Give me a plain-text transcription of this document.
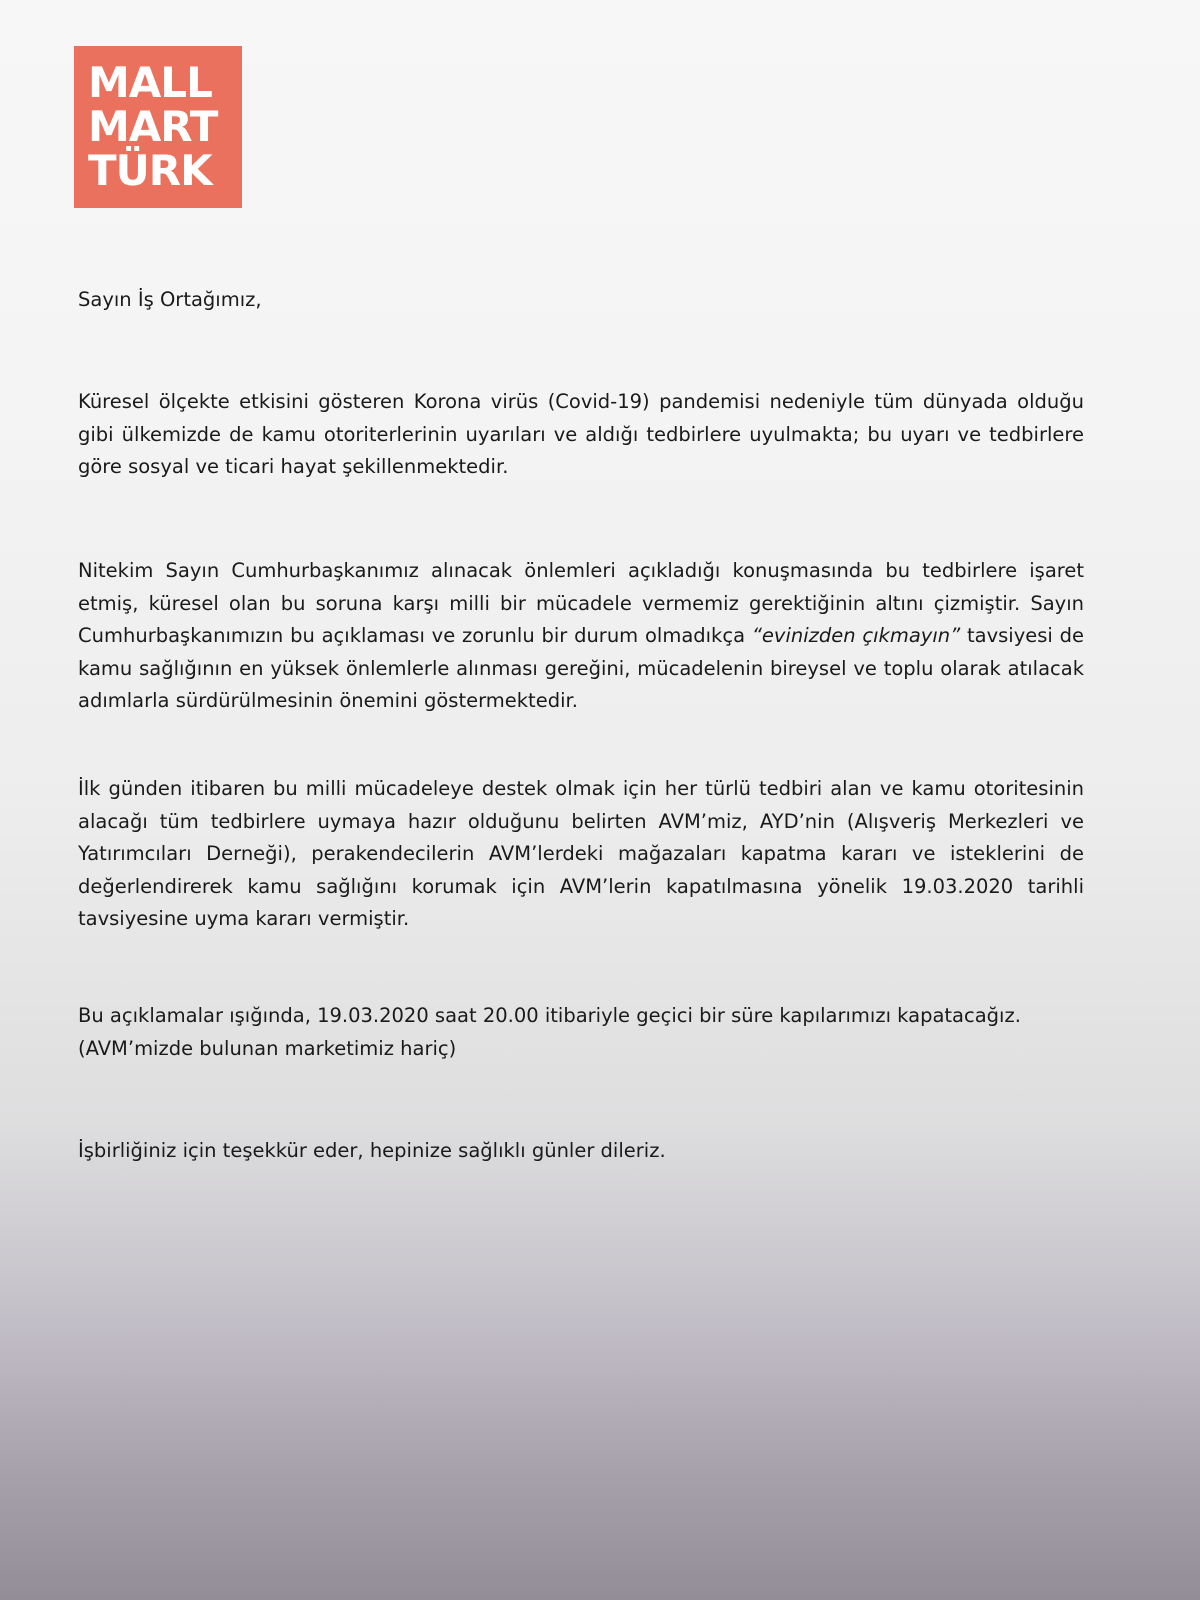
MALL
MART
TÜRK

Sayın İş Ortağımız,

Küresel ölçekte etkisini gösteren Korona virüs (Covid-19) pandemisi nedeniyle tüm dünyada olduğu gibi ülkemizde de kamu otoriterlerinin uyarıları ve aldığı tedbirlere uyulmakta; bu uyarı ve tedbirlere göre sosyal ve ticari hayat şekillenmektedir.

Nitekim Sayın Cumhurbaşkanımız alınacak önlemleri açıkladığı konuşmasında bu tedbirlere işaret etmiş, küresel olan bu soruna karşı milli bir mücadele vermemiz gerektiğinin altını çizmiştir. Sayın Cumhurbaşkanımızın bu açıklaması ve zorunlu bir durum olmadıkça “evinizden çıkmayın” tavsiyesi de kamu sağlığının en yüksek önlemlerle alınması gereğini, mücadelenin bireysel ve toplu olarak atılacak adımlarla sürdürülmesinin önemini göstermektedir.

İlk günden itibaren bu milli mücadeleye destek olmak için her türlü tedbiri alan ve kamu otoritesinin alacağı tüm tedbirlere uymaya hazır olduğunu belirten AVM’miz, AYD’nin (Alışveriş Merkezleri ve Yatırımcıları Derneği), perakendecilerin AVM’lerdeki mağazaları kapatma kararı ve isteklerini de değerlendirerek kamu sağlığını korumak için AVM’lerin kapatılmasına yönelik 19.03.2020 tarihli tavsiyesine uyma kararı vermiştir.

Bu açıklamalar ışığında, 19.03.2020 saat 20.00 itibariyle geçici bir süre kapılarımızı kapatacağız.
(AVM’mizde bulunan marketimiz hariç)

İşbirliğiniz için teşekkür eder, hepinize sağlıklı günler dileriz.
